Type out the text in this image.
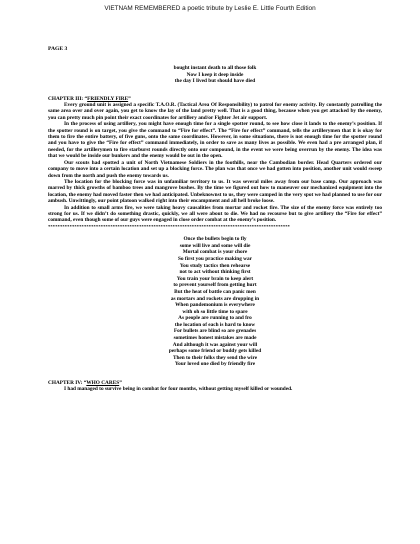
VIETNAM REMEMBERED a poetic tribute by Leslie E. Little Fourth Edition
PAGE 3
bought instant death to all those folk
Now I keep it deep inside
the day I lived but should have died
CHAPTER III: “FRIENDLY FIRE”

Every ground unit is assigned a specific T.A.O.R. (Tactical Area Of Responsibility) to patrol for enemy activity. By constantly patrolling the same area over and over again, you get to know the lay of the land pretty well. That is a good thing, because when you get attacked by the enemy, you can pretty much pin point their exact coordinates for artillery and/or Fighter Jet air support.

In the process of using artillery, you might have enough time for a single spotter round, to see how close it lands to the enemy’s position. If the spotter round is on target, you give the command to “Fire for effect”. The “Fire for effect” command, tells the artillerymen that it is okay for them to fire the entire battery, of five guns, onto the same coordinates. However, in some situations, there is not enough time for the spotter round and you have to give the “Fire for effect” command immediately, in order to save as many lives as possible. We even had a pre arranged plan, if needed, for the artillerymen to fire starburst rounds directly onto our compound, in the event we were being overrun by the enemy. The idea was that we would be inside our bunkers and the enemy would be out in the open.

Our scouts had spotted a unit of North Vietnamese Soldiers in the foothills, near the Cambodian border. Head Quarters ordered our company to move into a certain location and set up a blocking force. The plan was that once we had gotten into position, another unit would sweep down from the north and push the enemy towards us.

The location for the blocking force was in unfamiliar territory to us. It was several miles away from our base camp. Our approach was marred by thick growths of bamboo trees and mangrove bushes. By the time we figured out how to maneuver our mechanized equipment into the location, the enemy had moved faster then we had anticipated. Unbeknownst to us, they were camped in the very spot we had planned to use for our ambush. Unwittingly, our point platoon walked right into their encampment and all hell broke loose.

In addition to small arms fire, we were taking heavy causalities from mortar and rocket fire. The size of the enemy force was entirely too strong for us. If we didn’t do something drastic, quickly, we all were about to die. We had no recourse but to give artillery the “Fire for effect” command, even though some of our guys were engaged in close order combat at the enemy’s position.

*****************************************************************************************************

Once the bullets begin to fly
some will live and some will die
Mortal combat is your chore
So first you practice making war
You study tactics then rehearse
not to act without thinking first
You train your brain to keep alert
to prevent yourself from getting hurt
But the heat of battle can panic men
as mortars and rockets are dropping in
When pandemonium is everywhere
with oh so little time to spare
As people are running to and fro
the location of each is hard to know
For bullets are blind so are grenades
sometimes honest mistakes are made
And although it was against your will
perhaps some friend or buddy gets killed
Then to their folks they send the wire
Your loved one died by friendly fire
CHAPTER IV: “WHO CARES”

I had managed to survive being in combat for four months, without getting myself killed or wounded.
